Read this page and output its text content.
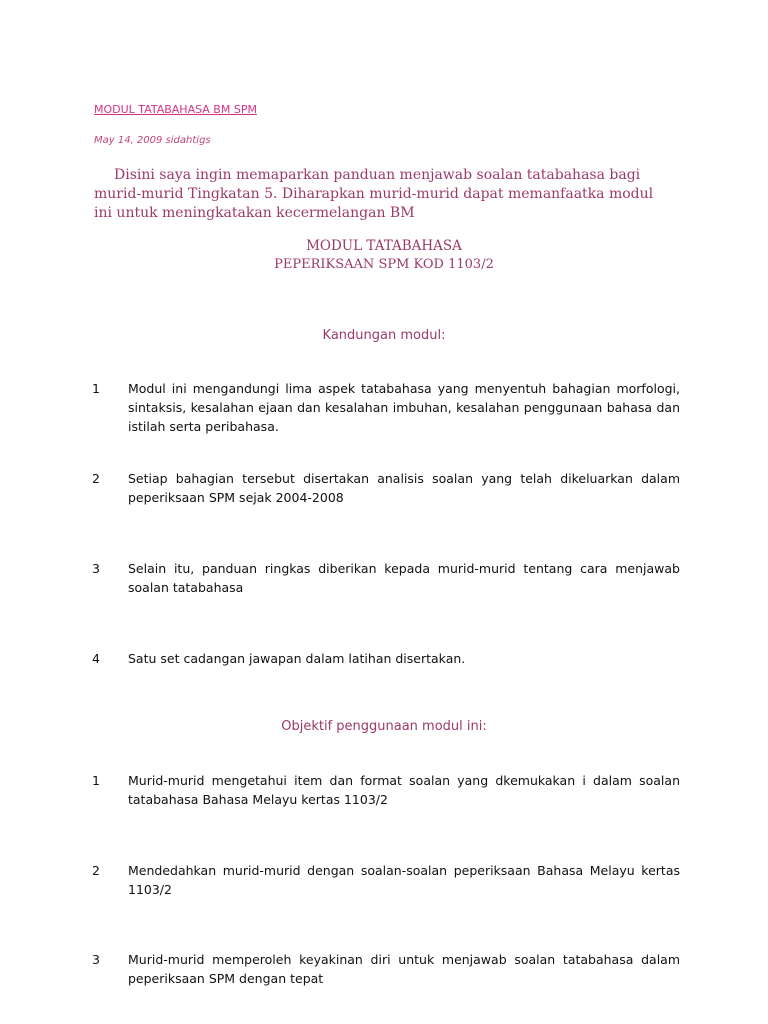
MODUL TATABAHASA BM SPM
May 14, 2009 sidahtigs

Disini saya ingin memaparkan panduan menjawab soalan tatabahasa bagi murid-murid Tingkatan 5. Diharapkan murid-murid dapat memanfaatka modul ini untuk meningkatakan kecermelangan BM

MODUL TATABAHASA

PEPERIKSAAN SPM KOD 1103/2

Kandungan modul:

1	Modul ini mengandungi lima aspek tatabahasa yang menyentuh bahagian morfologi, sintaksis, kesalahan ejaan dan kesalahan imbuhan, kesalahan penggunaan bahasa dan istilah serta peribahasa.
2	Setiap bahagian tersebut disertakan analisis soalan yang telah dikeluarkan dalam peperiksaan SPM sejak 2004-2008
3	Selain itu, panduan ringkas diberikan kepada murid-murid tentang cara menjawab soalan tatabahasa
4	Satu set cadangan jawapan dalam latihan disertakan.

Objektif penggunaan modul ini:

1	Murid-murid mengetahui item dan format soalan yang dkemukakan i dalam soalan tatabahasa Bahasa Melayu kertas 1103/2
2	Mendedahkan murid-murid dengan soalan-soalan peperiksaan Bahasa Melayu kertas 1103/2
3	Murid-murid memperoleh keyakinan diri untuk menjawab soalan tatabahasa dalam peperiksaan SPM dengan tepat
